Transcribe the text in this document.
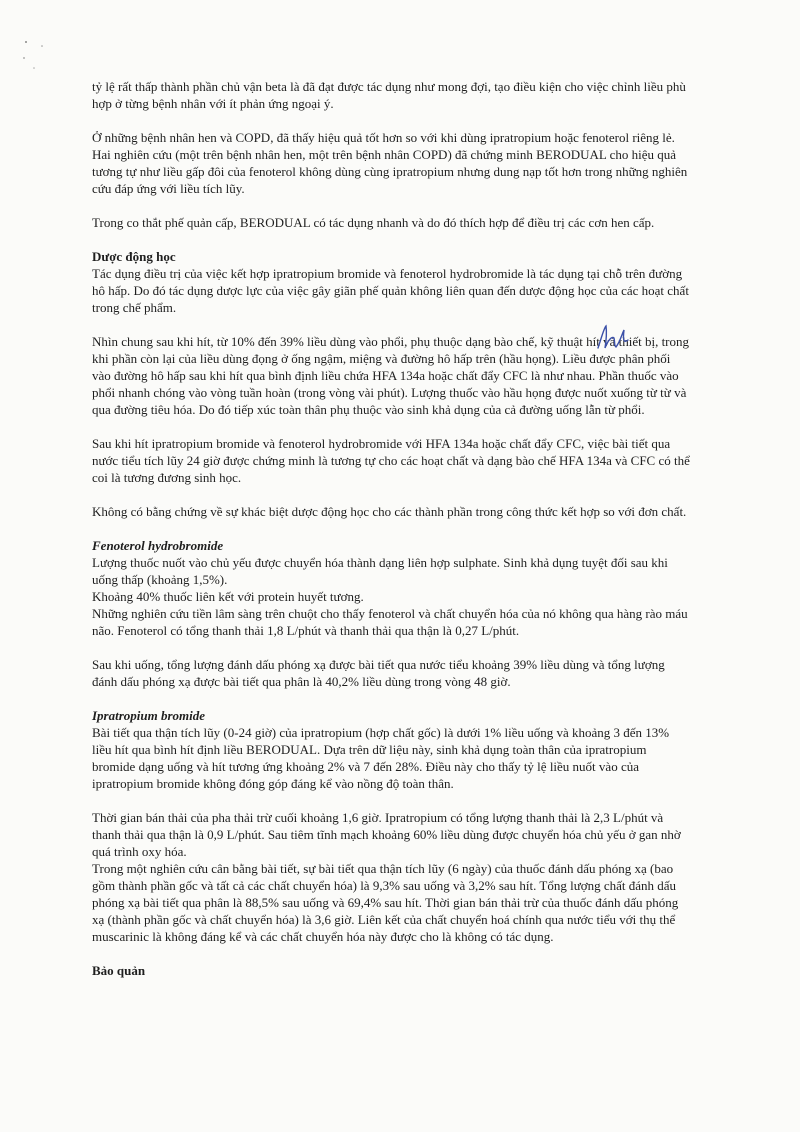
tỷ lệ rất thấp thành phần chủ vận beta là đã đạt được tác dụng như mong đợi, tạo điều kiện cho việc chỉnh liều phù hợp ở từng bệnh nhân với ít phản ứng ngoại ý.

Ở những bệnh nhân hen và COPD, đã thấy hiệu quả tốt hơn so với khi dùng ipratropium hoặc fenoterol riêng lẻ. Hai nghiên cứu (một trên bệnh nhân hen, một trên bệnh nhân COPD) đã chứng minh BERODUAL cho hiệu quả tương tự như liều gấp đôi của fenoterol không dùng cùng ipratropium nhưng dung nạp tốt hơn trong những nghiên cứu đáp ứng với liều tích lũy.

Trong co thắt phế quản cấp, BERODUAL có tác dụng nhanh và do đó thích hợp để điều trị các cơn hen cấp.

Dược động học

Tác dụng điều trị của việc kết hợp ipratropium bromide và fenoterol hydrobromide là tác dụng tại chỗ trên đường hô hấp. Do đó tác dụng dược lực của việc gây giãn phế quản không liên quan đến dược động học của các hoạt chất trong chế phẩm.

Nhìn chung sau khi hít, từ 10% đến 39% liều dùng vào phổi, phụ thuộc dạng bào chế, kỹ thuật hít và thiết bị, trong khi phần còn lại của liều dùng đọng ở ống ngậm, miệng và đường hô hấp trên (hầu họng). Liều được phân phối vào đường hô hấp sau khi hít qua bình định liều chứa HFA 134a hoặc chất đẩy CFC là như nhau. Phần thuốc vào phổi nhanh chóng vào vòng tuần hoàn (trong vòng vài phút). Lượng thuốc vào hầu họng được nuốt xuống từ từ và qua đường tiêu hóa. Do đó tiếp xúc toàn thân phụ thuộc vào sinh khả dụng của cả đường uống lẫn từ phổi.

Sau khi hít ipratropium bromide và fenoterol hydrobromide với HFA 134a hoặc chất đẩy CFC, việc bài tiết qua nước tiểu tích lũy 24 giờ được chứng minh là tương tự cho các hoạt chất và dạng bào chế HFA 134a và CFC có thể coi là tương đương sinh học.

Không có bằng chứng về sự khác biệt dược động học cho các thành phần trong công thức kết hợp so với đơn chất.

Fenoterol hydrobromide

Lượng thuốc nuốt vào chủ yếu được chuyển hóa thành dạng liên hợp sulphate. Sinh khả dụng tuyệt đối sau khi uống thấp (khoảng 1,5%).

Khoảng 40% thuốc liên kết với protein huyết tương.

Những nghiên cứu tiền lâm sàng trên chuột cho thấy fenoterol và chất chuyển hóa của nó không qua hàng rào máu não. Fenoterol có tổng thanh thải 1,8 L/phút và thanh thải qua thận là 0,27 L/phút.

Sau khi uống, tổng lượng đánh dấu phóng xạ được bài tiết qua nước tiểu khoảng 39% liều dùng và tổng lượng đánh dấu phóng xạ được bài tiết qua phân là 40,2% liều dùng trong vòng 48 giờ.

Ipratropium bromide

Bài tiết qua thận tích lũy (0-24 giờ) của ipratropium (hợp chất gốc) là dưới 1% liều uống và khoảng 3 đến 13% liều hít qua bình hít định liều BERODUAL. Dựa trên dữ liệu này, sinh khả dụng toàn thân của ipratropium bromide dạng uống và hít tương ứng khoảng 2% và 7 đến 28%. Điều này cho thấy tỷ lệ liều nuốt vào của ipratropium bromide không đóng góp đáng kể vào nồng độ toàn thân.

Thời gian bán thải của pha thải trừ cuối khoảng 1,6 giờ. Ipratropium có tổng lượng thanh thải là 2,3 L/phút và thanh thải qua thận là 0,9 L/phút. Sau tiêm tĩnh mạch khoảng 60% liều dùng được chuyển hóa chủ yếu ở gan nhờ quá trình oxy hóa.

Trong một nghiên cứu cân bằng bài tiết, sự bài tiết qua thận tích lũy (6 ngày) của thuốc đánh dấu phóng xạ (bao gồm thành phần gốc và tất cả các chất chuyển hóa) là 9,3% sau uống và 3,2% sau hít. Tổng lượng chất đánh dấu phóng xạ bài tiết qua phân là 88,5% sau uống và 69,4% sau hít. Thời gian bán thải trừ của thuốc đánh dấu phóng xạ (thành phần gốc và chất chuyển hóa) là 3,6 giờ. Liên kết của chất chuyển hoá chính qua nước tiểu với thụ thể muscarinic là không đáng kể và các chất chuyển hóa này được cho là không có tác dụng.

Bảo quản
